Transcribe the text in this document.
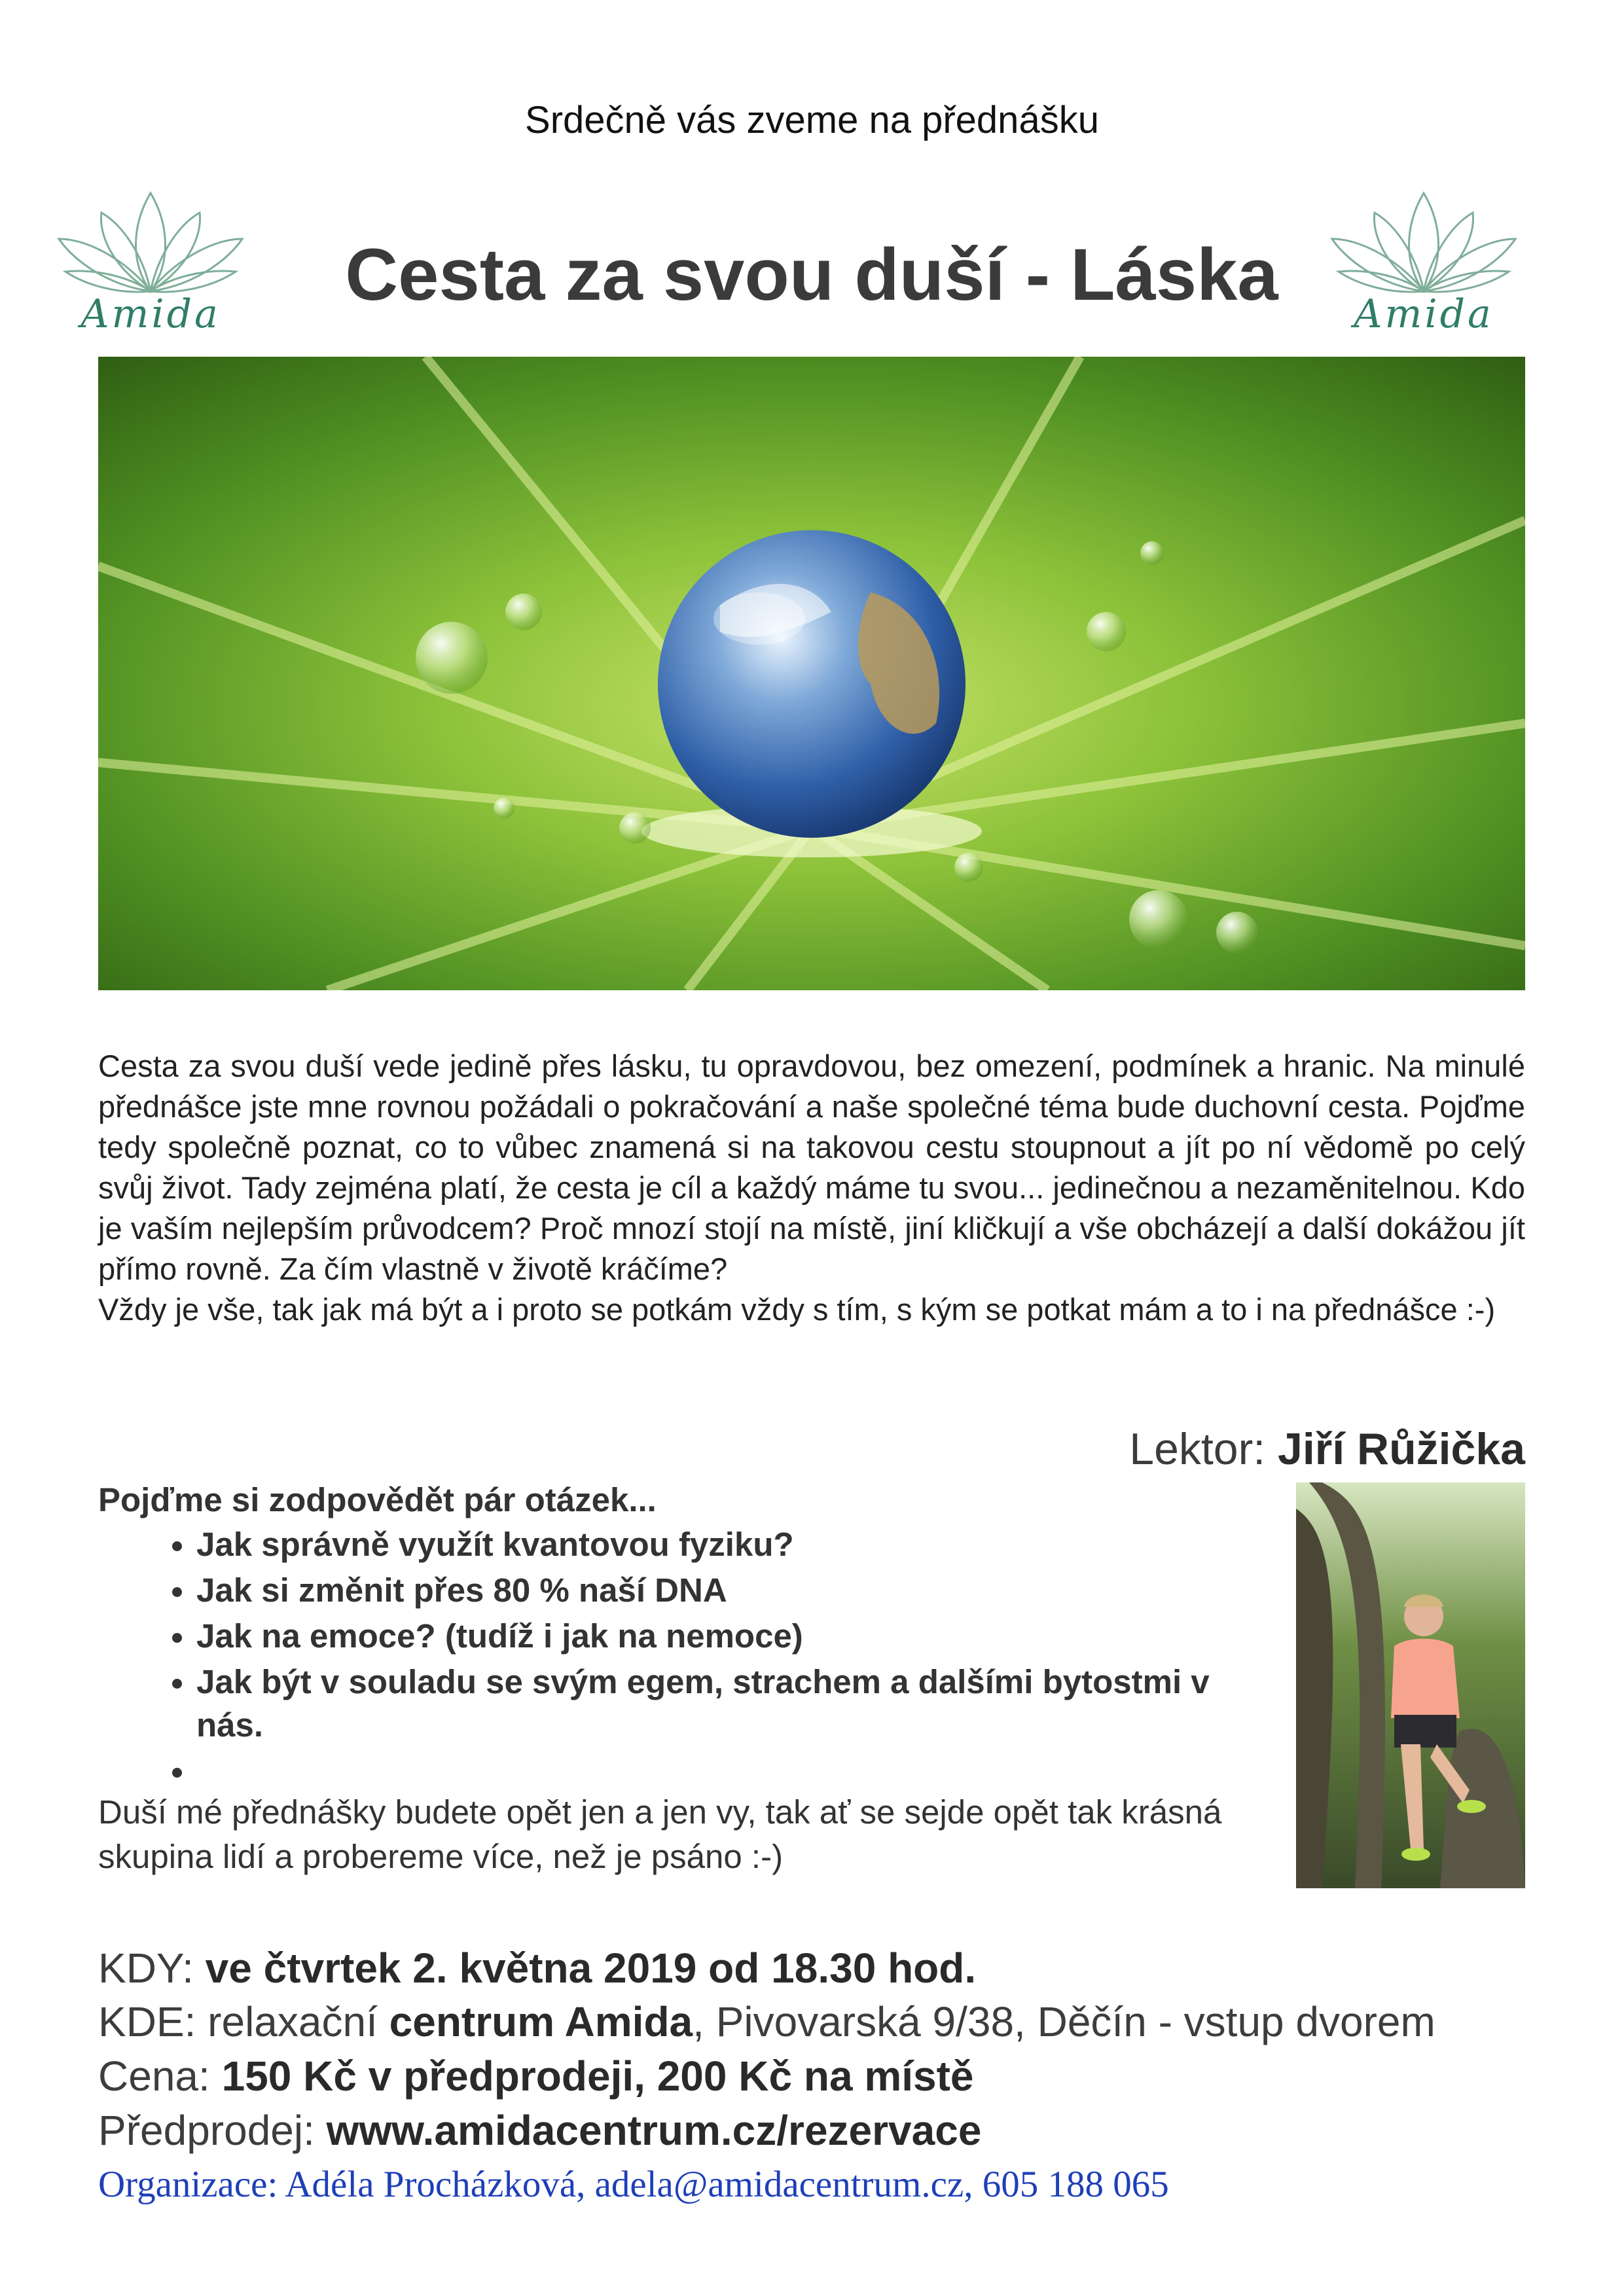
Srdečně vás zveme na přednášku
Amida	Cesta za svou duší - Láska	Amida

Cesta za svou duší vede jedině přes lásku, tu opravdovou, bez omezení, podmínek a hranic. Na minulé přednášce jste mne rovnou požádali o pokračování a naše společné téma bude duchovní cesta. Pojďme tedy společně poznat, co to vůbec znamená si na takovou cestu stoupnout a jít po ní vědomě po celý svůj život. Tady zejména platí, že cesta je cíl a každý máme tu svou... jedinečnou a nezaměnitelnou. Kdo je vaším nejlepším průvodcem? Proč mnozí stojí na místě, jiní kličkují a vše obcházejí a další dokážou jít přímo rovně. Za čím vlastně v životě kráčíme?

Vždy je vše, tak jak má být a i proto se potkám vždy s tím, s kým se potkat mám a to i na přednášce :-)

Lektor: Jiří Růžička
Pojďme si zodpovědět pár otázek...
• Jak správně využít kvantovou fyziku?
• Jak si změnit přes 80 % naší DNA
• Jak na emoce? (tudíž i jak na nemoce)
• Jak být v souladu se svým egem, strachem a dalšími bytostmi v nás.
•
Duší mé přednášky budete opět jen a jen vy, tak ať se sejde opět tak krásná skupina lidí a probereme více, než je psáno :-)
KDY: ve čtvrtek 2. května 2019 od 18.30 hod.
KDE: relaxační centrum Amida, Pivovarská 9/38, Děčín - vstup dvorem
Cena: 150 Kč v předprodeji, 200 Kč na místě
Předprodej: www.amidacentrum.cz/rezervace
Organizace: Adéla Procházková, adela@amidacentrum.cz, 605 188 065
